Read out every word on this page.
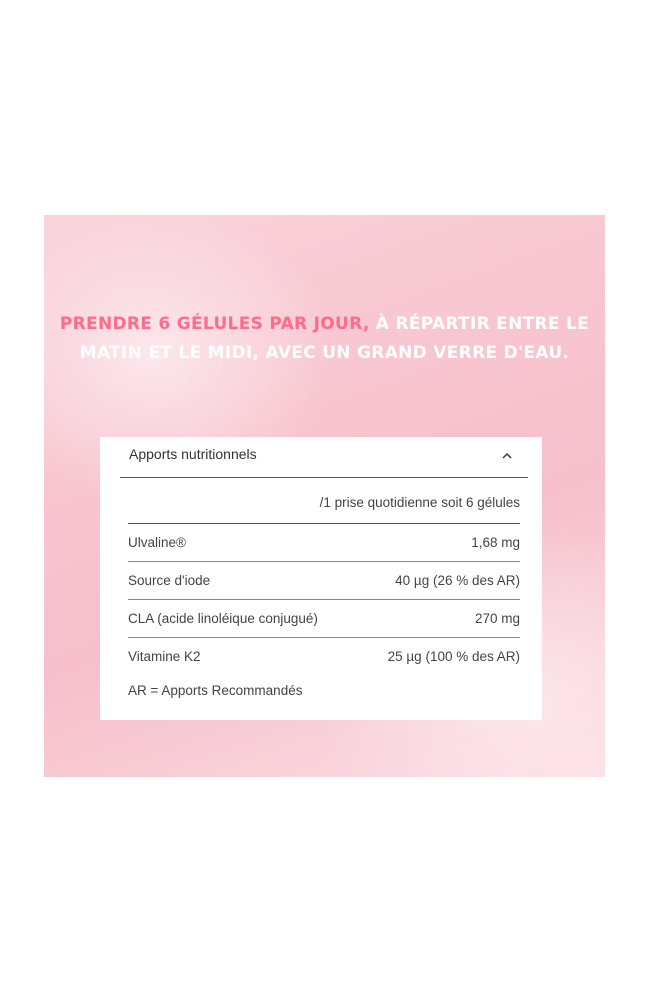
PRENDRE 6 GÉLULES PAR JOUR, À RÉPARTIR ENTRE LE MATIN ET LE MIDI, AVEC UN GRAND VERRE D'EAU.
Apports nutritionnels
/1 prise quotidienne soit 6 gélules
Ulvaline®	1,68 mg
Source d'iode	40 µg (26 % des AR)
CLA (acide linoléique conjugué)	270 mg
Vitamine K2	25 µg (100 % des AR)
AR = Apports Recommandés
